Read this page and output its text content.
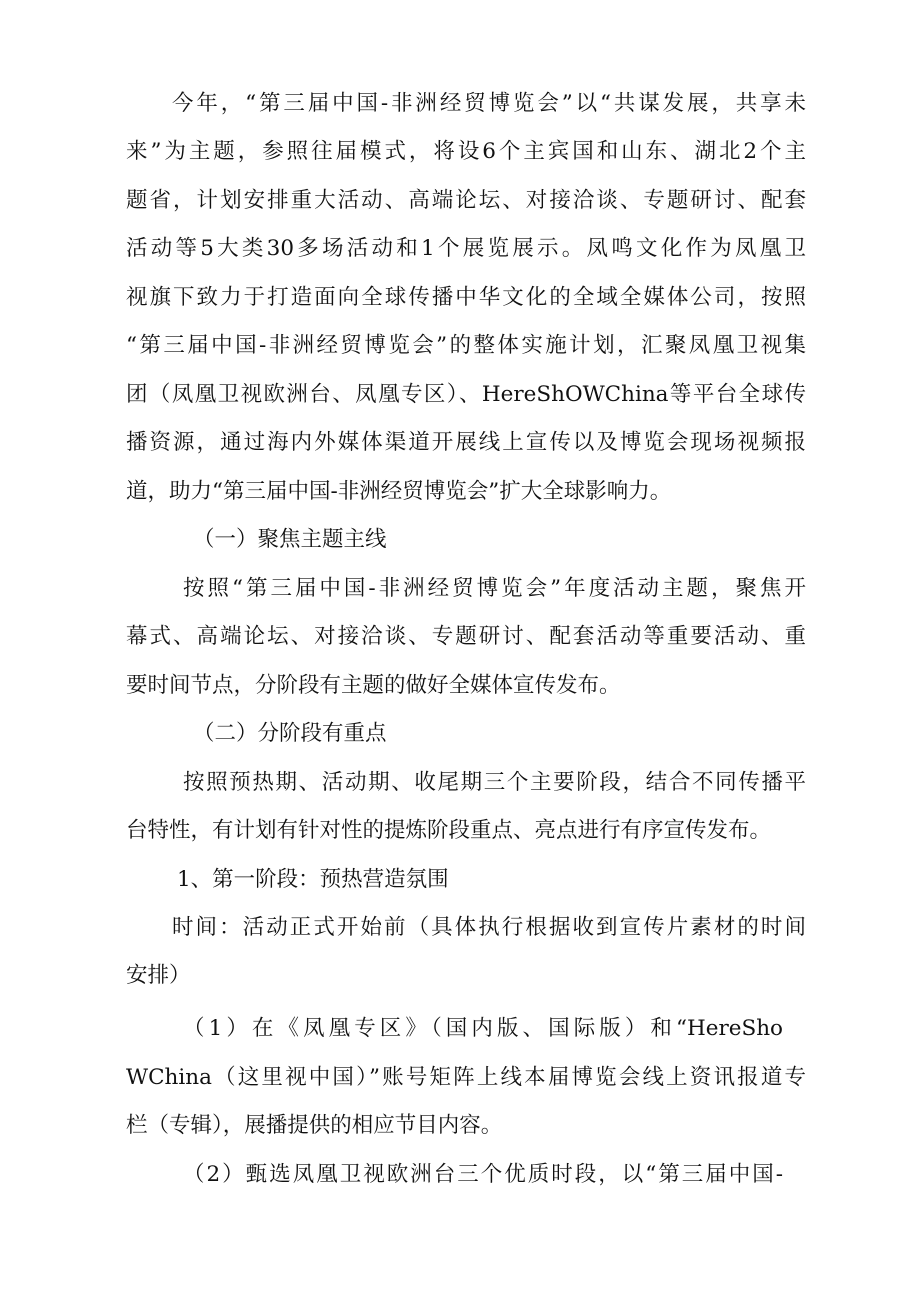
今年，“第三届中国-非洲经贸博览会”以“共谋发展，共享未
来”为主题，参照往届模式，将设6个主宾国和山东、湖北2个主
题省，计划安排重大活动、高端论坛、对接洽谈、专题研讨、配套
活动等5大类30多场活动和1个展览展示。凤鸣文化作为凤凰卫
视旗下致力于打造面向全球传播中华文化的全域全媒体公司，按照
“第三届中国-非洲经贸博览会”的整体实施计划，汇聚凤凰卫视集
团（凤凰卫视欧洲台、凤凰专区）、HereShOWChina等平台全球传
播资源，通过海内外媒体渠道开展线上宣传以及博览会现场视频报
道，助力“第三届中国-非洲经贸博览会”扩大全球影响力。
（一）聚焦主题主线
按照“第三届中国-非洲经贸博览会”年度活动主题，聚焦开
幕式、高端论坛、对接洽谈、专题研讨、配套活动等重要活动、重
要时间节点，分阶段有主题的做好全媒体宣传发布。
（二）分阶段有重点
按照预热期、活动期、收尾期三个主要阶段，结合不同传播平
台特性，有计划有针对性的提炼阶段重点、亮点进行有序宣传发布。
1、第一阶段：预热营造氛围
时间：活动正式开始前（具体执行根据收到宣传片素材的时间
安排）
（1）在《凤凰专区》（国内版、国际版）和“HereSho
WChina（这里视中国）”账号矩阵上线本届博览会线上资讯报道专
栏（专辑），展播提供的相应节目内容。
（2）甄选凤凰卫视欧洲台三个优质时段，以“第三届中国-
